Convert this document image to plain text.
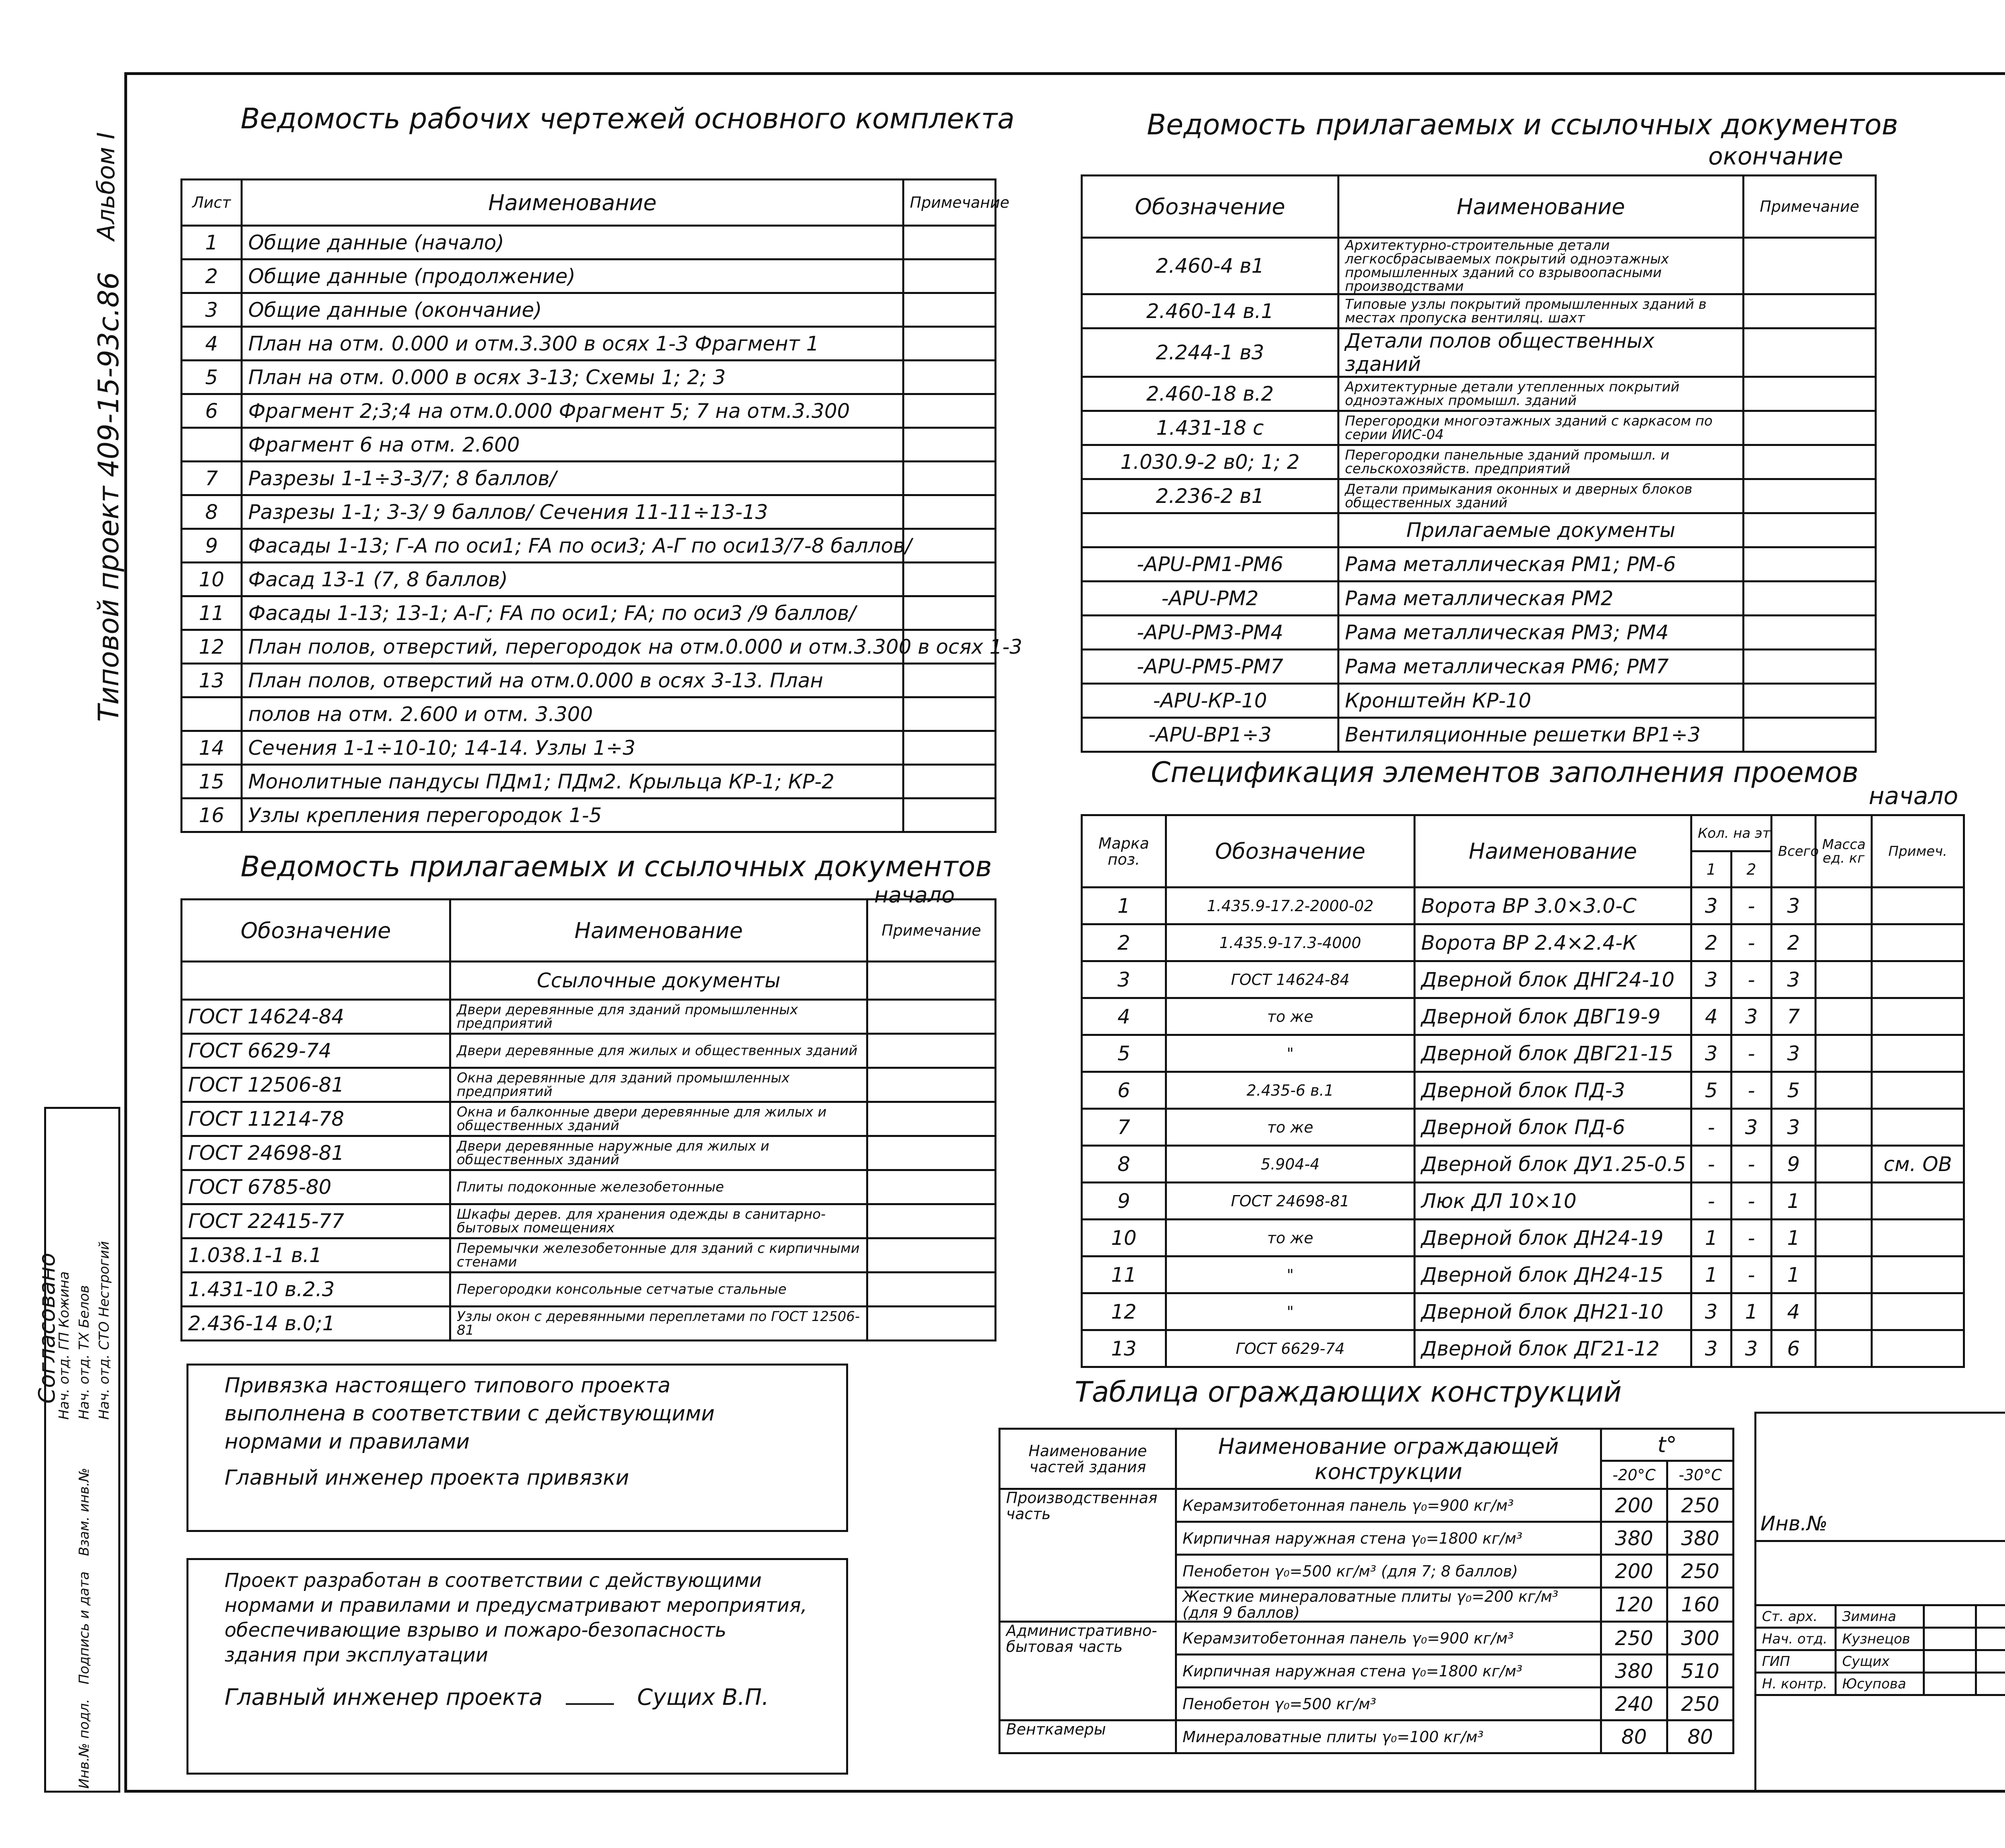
Типовой проект 409-15-93с.86
Альбом I
Ведомость рабочих чертежей основного комплекта
Лист	Наименование	Примечание
1	Общие данные (начало)	
2	Общие данные (продолжение)	
3	Общие данные (окончание)	
4	План на отм. 0.000 и отм.3.300 в осях 1-3 Фрагмент 1	
5	План на отм. 0.000 в осях 3-13; Схемы 1; 2; 3	
6	Фрагмент 2;3;4 на отм.0.000 Фрагмент 5; 7 на отм.3.300	
	Фрагмент 6 на отм. 2.600	
7	Разрезы 1-1÷3-3/7; 8 баллов/	
8	Разрезы 1-1; 3-3/ 9 баллов/ Сечения 11-11÷13-13	
9	Фасады 1-13; Г-А по оси1; FA по оси3; А-Г по оси13/7-8 баллов/	
10	Фасад 13-1 (7, 8 баллов)	
11	Фасады 1-13; 13-1; А-Г; FA по оси1; FA; по оси3 /9 баллов/	
12	План полов, отверстий, перегородок на отм.0.000 и отм.3.300 в осях 1-3	
13	План полов, отверстий на отм.0.000 в осях 3-13. План	
	полов на отм. 2.600 и отм. 3.300	
14	Сечения 1-1÷10-10; 14-14. Узлы 1÷3	
15	Монолитные пандусы ПДм1; ПДм2. Крыльца КР-1; КР-2	
16	Узлы крепления перегородок 1-5	
Ведомость прилагаемых и ссылочных документов
начало
Обозначение	Наименование	Примечание
	Ссылочные документы	
ГОСТ 14624-84	Двери деревянные для зданий промышленных предприятий	
ГОСТ 6629-74	Двери деревянные для жилых и общественных зданий	
ГОСТ 12506-81	Окна деревянные для зданий промышленных предприятий	
ГОСТ 11214-78	Окна и балконные двери деревянные для жилых и общественных зданий	
ГОСТ 24698-81	Двери деревянные наружные для жилых и общественных зданий	
ГОСТ 6785-80	Плиты подоконные железобетонные	
ГОСТ 22415-77	Шкафы дерев. для хранения одежды в санитарно-бытовых помещениях	
1.038.1-1 в.1	Перемычки железобетонные для зданий с кирпичными стенами	
1.431-10 в.2.3	Перегородки консольные сетчатые стальные	
2.436-14 в.0;1	Узлы окон с деревянными переплетами по ГОСТ 12506-81	
Ведомость прилагаемых и ссылочных документов
окончание
Обозначение	Наименование	Примечание
2.460-4 в1	Архитектурно-строительные детали легкосбрасываемых покрытий одноэтажных промышленных зданий со взрывоопасными производствами	
2.460-14 в.1	Типовые узлы покрытий промышленных зданий в местах пропуска вентиляц. шахт	
2.244-1 в3	Детали полов общественных зданий	
2.460-18 в.2	Архитектурные детали утепленных покрытий одноэтажных промышл. зданий	
1.431-18 с	Перегородки многоэтажных зданий с каркасом по серии ИИС-04	
1.030.9-2 в0; 1; 2	Перегородки панельные зданий промышл. и сельскохозяйств. предприятий	
2.236-2 в1	Детали примыкания оконных и дверных блоков общественных зданий	
	Прилагаемые документы	
-АРU-РМ1-РМ6	Рама металлическая РМ1; РМ-6	
-АРU-РМ2	Рама металлическая РМ2	
-АРU-РМ3-РМ4	Рама металлическая РМ3; РМ4	
-АРU-РМ5-РМ7	Рама металлическая РМ6; РМ7	
-АРU-КР-10	Кронштейн КР-10	
-АРU-ВР1÷3	Вентиляционные решетки ВР1÷3	

Спецификация элементов заполнения проемов
начало
Марка поз.	Обозначение	Наименование	Кол. на эт		Всего	Масса ед. кг	Примеч.
			1	2			
1	1.435.9-17.2-2000-02	Ворота ВР 3.0×3.0-С	3	-	3		
2	1.435.9-17.3-4000	Ворота ВР 2.4×2.4-К	2	-	2		
3	ГОСТ 14624-84	Дверной блок ДНГ24-10	3	-	3		
4	то же	Дверной блок ДВГ19-9	4	3	7		
5	"	Дверной блок ДВГ21-15	3	-	3		
6	2.435-6 в.1	Дверной блок ПД-3	5	-	5		
7	то же	Дверной блок ПД-6	-	3	3		
8	5.904-4	Дверной блок ДУ1.25-0.5	-	-	9		см. ОВ
9	ГОСТ 24698-81	Люк ДЛ 10×10	-	-	1		
10	то же	Дверной блок ДН24-19	1	-	1		
11	"	Дверной блок ДН24-15	1	-	1		
12	"	Дверной блок ДН21-10	3	1	4		
13	ГОСТ 6629-74	Дверной блок ДГ21-12	3	3	6		
Таблица ограждающих конструкций
Наименование частей здания	Наименование ограждающей конструкции	t°	
		-20°С	-30°С
Производственная часть	Керамзитобетонная панель γ₀=900 кг/м³	200	250
	Кирпичная наружная стена γ₀=1800 кг/м³	380	380
	Пенобетон γ₀=500 кг/м³ (для 7; 8 баллов)	200	250
	Жесткие минераловатные плиты γ₀=200 кг/м³ (для 9 баллов)	120	160
Административно-бытовая часть	Керамзитобетонная панель γ₀=900 кг/м³	250	300
	Кирпичная наружная стена γ₀=1800 кг/м³	380	510
	Пенобетон γ₀=500 кг/м³	240	250
Венткамеры	Минераловатные плиты γ₀=100 кг/м³	80	80
Привязка настоящего типового проекта
выполнена в соответствии с действующими
нормами и правилами
Главный инженер проекта привязки
Проект разработан в соответствии с действующими
нормами и правилами и предусматривают мероприятия,
обеспечивающие взрыво и пожаро-безопасность
здания при эксплуатации
Главный инженер проекта	Сущих В.П.
Согласовано
Нач. отд. ГП Кожина
Нач. отд. ТХ Белов
Нач. отд. СТО Нестрогий
Инв.№ подл.
Подпись и дата
Взам. инв.№	Инв.№

Ст. арх.	Зимина		
Нач. отд.	Кузнецов		
ГИП	Сущих		
Н. контр.	Юсупова		
